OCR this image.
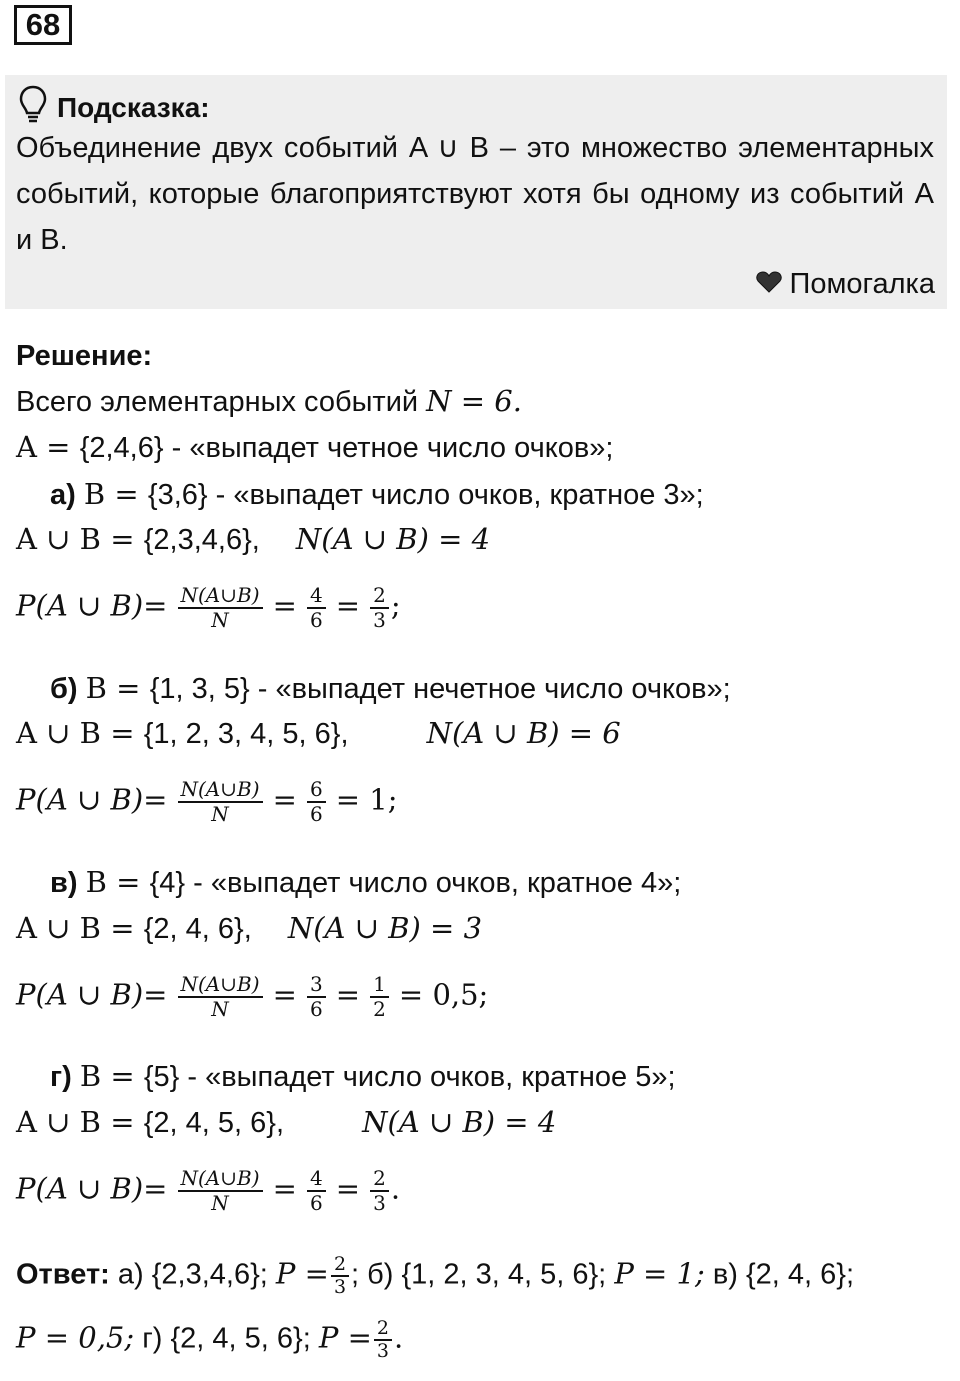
68
Подсказка:
Объединение двух событий A ∪ B – это множество элементарных событий, которые благоприятствуют хотя бы одному из событий A и B.
Помогалка
Решение:
Всего элементарных событий N = 6.
A = {2,4,6} - «выпадет четное число очков»;
а) B = {3,6} - «выпадет число очков, кратное 3»;
A ∪ B = {2,3,4,6}, N(A ∪ B) = 4
P(A ∪ $B)= \frac{N(A\cup B)}{N} = \frac{4}{6} = \frac{2}{3}$ ;
б) B = {1, 3, 5} - «выпадет нечетное число очков»;
A ∪ B = {1, 2, 3, 4, 5, 6},	N(A ∪ B) = 6
P(A ∪ $B)= \frac{N(A\cup B)}{N} = \frac{6}{6} = 1$;
в) B = {4} - «выпадет число очков, кратное 4»;
A ∪ B = {2, 4, 6}, N(A ∪ B) = 3
P(A ∪ $B)= \frac{N(A\cup B)}{N} = \frac{3}{6} = \frac{1}{2} = 0,5$;
г) B = {5} - «выпадет число очков, кратное 5»;
A ∪ B = {2, 4, 5, 6},	N(A ∪ B) = 4
P(A ∪ $B)= \frac{N(A\cup B)}{N} = \frac{4}{6} = \frac{2}{3}$ .
Ответ: а) {2,3,4,6}; $P = \frac{2}{3}$ ; б) {1, 2, 3, 4, 5, 6}; P = 1; в) {2, 4, 6};
P = 0,5; г) {2, 4, 5, 6}; $P = \frac{2}{3}$ .
